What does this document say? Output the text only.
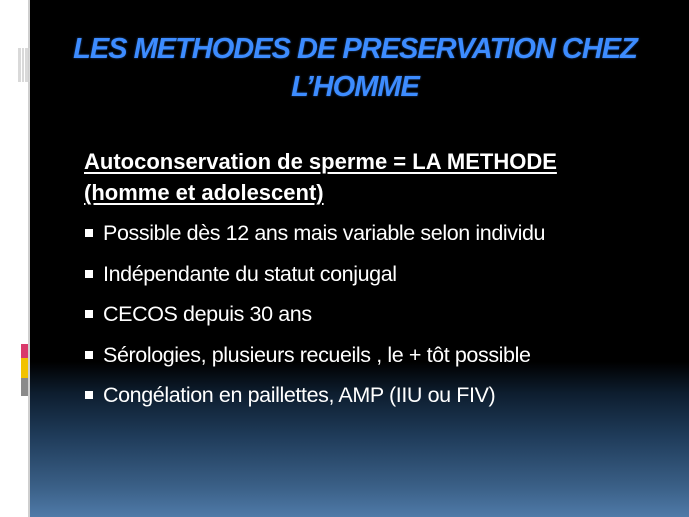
LES METHODES DE PRESERVATION CHEZ
L’HOMME
Autoconservation de sperme = LA METHODE
(homme et adolescent)
Possible dès 12 ans mais variable selon individu
Indépendante du statut conjugal
CECOS depuis 30 ans
Sérologies, plusieurs recueils , le + tôt possible
Congélation en paillettes, AMP (IIU ou FIV)
